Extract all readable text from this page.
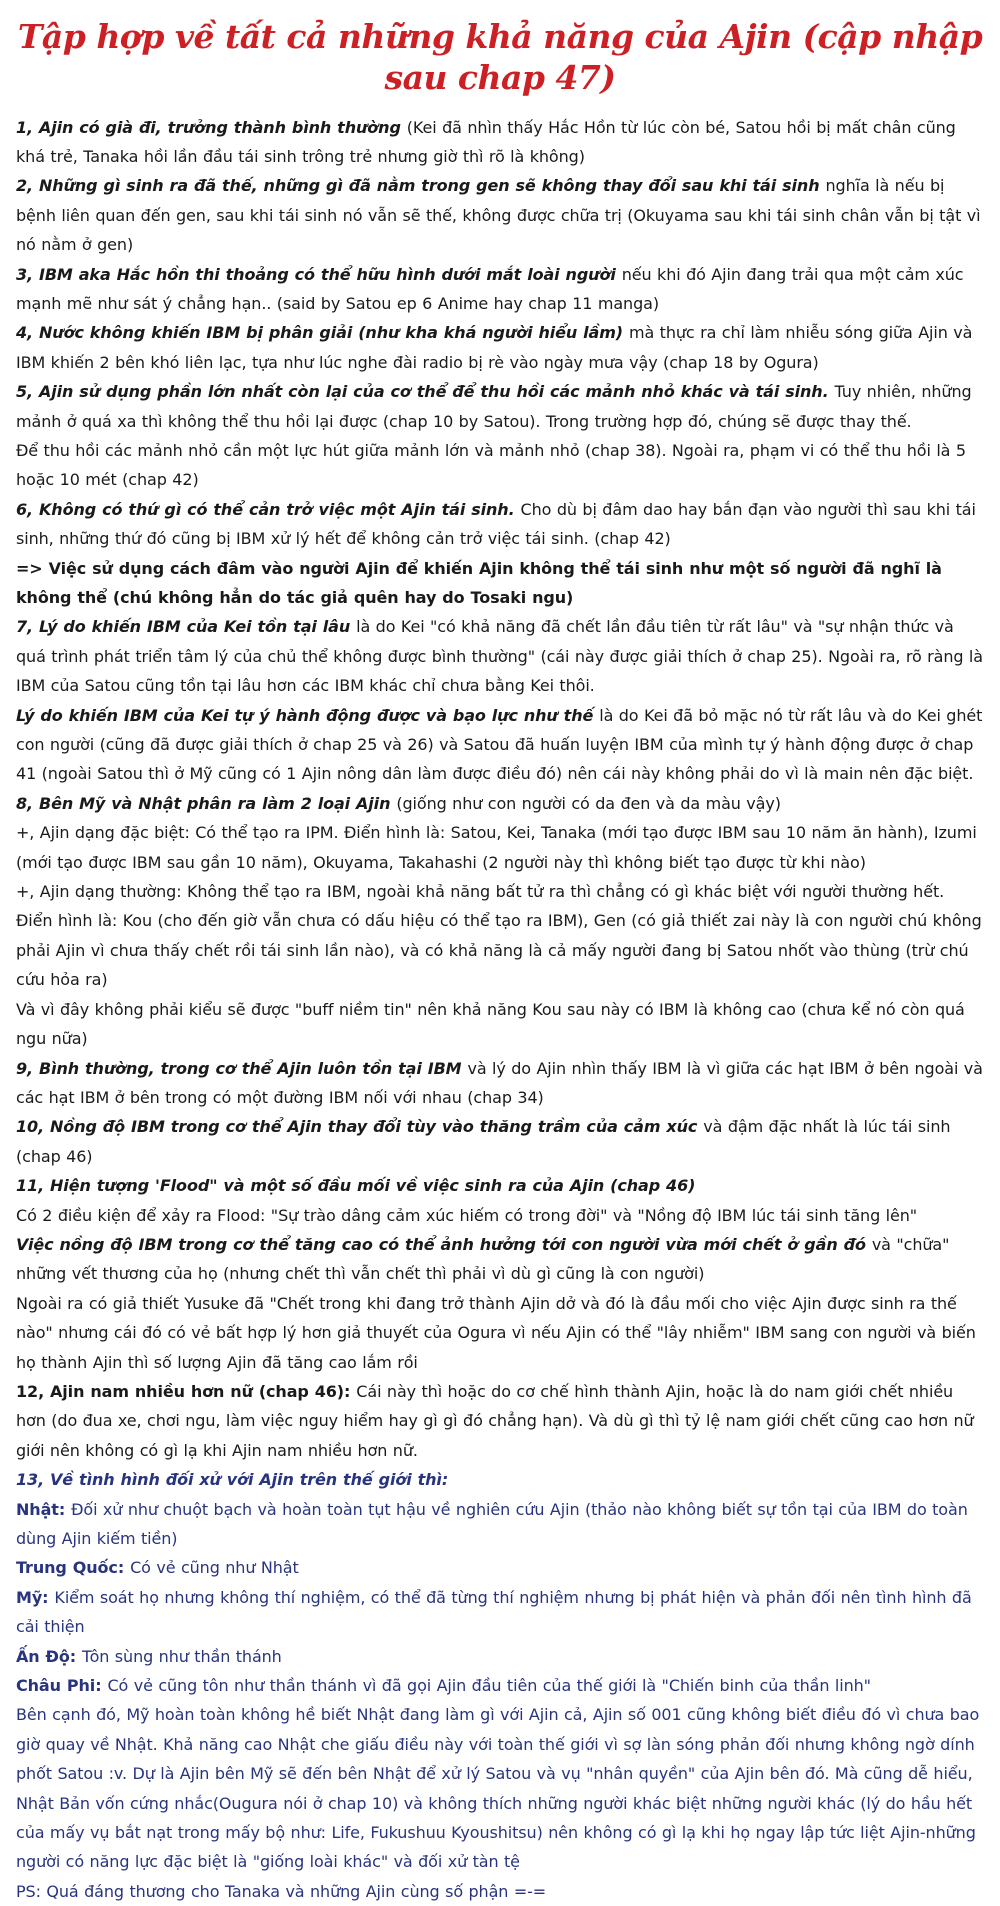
Tập hợp về tất cả những khả năng của Ajin (cập nhập sau chap 47)

1, Ajin có già đi, trưởng thành bình thường (Kei đã nhìn thấy Hắc Hồn từ lúc còn bé, Satou hồi bị mất chân cũng khá trẻ, Tanaka hồi lần đầu tái sinh trông trẻ nhưng giờ thì rõ là không)

2, Những gì sinh ra đã thế, những gì đã nằm trong gen sẽ không thay đổi sau khi tái sinh nghĩa là nếu bị bệnh liên quan đến gen, sau khi tái sinh nó vẫn sẽ thế, không được chữa trị (Okuyama sau khi tái sinh chân vẫn bị tật vì nó nằm ở gen)

3, IBM aka Hắc hồn thi thoảng có thể hữu hình dưới mắt loài người nếu khi đó Ajin đang trải qua một cảm xúc mạnh mẽ như sát ý chẳng hạn.. (said by Satou ep 6 Anime hay chap 11 manga)

4, Nước không khiến IBM bị phân giải (như kha khá người hiểu lầm) mà thực ra chỉ làm nhiễu sóng giữa Ajin và IBM khiến 2 bên khó liên lạc, tựa như lúc nghe đài radio bị rè vào ngày mưa vậy (chap 18 by Ogura)

5, Ajin sử dụng phần lớn nhất còn lại của cơ thể để thu hồi các mảnh nhỏ khác và tái sinh. Tuy nhiên, những mảnh ở quá xa thì không thể thu hồi lại được (chap 10 by Satou). Trong trường hợp đó, chúng sẽ được thay thế.

Để thu hồi các mảnh nhỏ cần một lực hút giữa mảnh lớn và mảnh nhỏ (chap 38). Ngoài ra, phạm vi có thể thu hồi là 5 hoặc 10 mét (chap 42)

6, Không có thứ gì có thể cản trở việc một Ajin tái sinh. Cho dù bị đâm dao hay bắn đạn vào người thì sau khi tái sinh, những thứ đó cũng bị IBM xử lý hết để không cản trở việc tái sinh. (chap 42)

=> Việc sử dụng cách đâm vào người Ajin để khiến Ajin không thể tái sinh như một số người đã nghĩ là không thể (chú không hẳn do tác giả quên hay do Tosaki ngu)

7, Lý do khiến IBM của Kei tồn tại lâu là do Kei "có khả năng đã chết lần đầu tiên từ rất lâu" và "sự nhận thức và quá trình phát triển tâm lý của chủ thể không được bình thường" (cái này được giải thích ở chap 25). Ngoài ra, rõ ràng là IBM của Satou cũng tồn tại lâu hơn các IBM khác chỉ chưa bằng Kei thôi.

Lý do khiến IBM của Kei tự ý hành động được và bạo lực như thế là do Kei đã bỏ mặc nó từ rất lâu và do Kei ghét con người (cũng đã được giải thích ở chap 25 và 26) và Satou đã huấn luyện IBM của mình tự ý hành động được ở chap 41 (ngoài Satou thì ở Mỹ cũng có 1 Ajin nông dân làm được điều đó) nên cái này không phải do vì là main nên đặc biệt.

8, Bên Mỹ và Nhật phân ra làm 2 loại Ajin (giống như con người có da đen và da màu vậy)

+, Ajin dạng đặc biệt: Có thể tạo ra IPM. Điển hình là: Satou, Kei, Tanaka (mới tạo được IBM sau 10 năm ăn hành), Izumi (mới tạo được IBM sau gần 10 năm), Okuyama, Takahashi (2 người này thì không biết tạo được từ khi nào)

+, Ajin dạng thường: Không thể tạo ra IBM, ngoài khả năng bất tử ra thì chẳng có gì khác biệt với người thường hết. Điển hình là: Kou (cho đến giờ vẫn chưa có dấu hiệu có thể tạo ra IBM), Gen (có giả thiết zai này là con người chú không phải Ajin vì chưa thấy chết rồi tái sinh lần nào), và có khả năng là cả mấy người đang bị Satou nhốt vào thùng (trừ chú cứu hỏa ra)

Và vì đây không phải kiểu sẽ được "buff niềm tin" nên khả năng Kou sau này có IBM là không cao (chưa kể nó còn quá ngu nữa)

9, Bình thường, trong cơ thể Ajin luôn tồn tại IBM và lý do Ajin nhìn thấy IBM là vì giữa các hạt IBM ở bên ngoài và các hạt IBM ở bên trong có một đường IBM nối với nhau (chap 34)

10, Nồng độ IBM trong cơ thể Ajin thay đổi tùy vào thăng trầm của cảm xúc và đậm đặc nhất là lúc tái sinh (chap 46)

11, Hiện tượng 'Flood" và một số đầu mối về việc sinh ra của Ajin (chap 46)

Có 2 điều kiện để xảy ra Flood: "Sự trào dâng cảm xúc hiếm có trong đời" và "Nồng độ IBM lúc tái sinh tăng lên"

Việc nồng độ IBM trong cơ thể tăng cao có thể ảnh hưởng tới con người vừa mới chết ở gần đó và "chữa" những vết thương của họ (nhưng chết thì vẫn chết thì phải vì dù gì cũng là con người)

Ngoài ra có giả thiết Yusuke đã "Chết trong khi đang trở thành Ajin dở và đó là đầu mối cho việc Ajin được sinh ra thế nào" nhưng cái đó có vẻ bất hợp lý hơn giả thuyết của Ogura vì nếu Ajin có thể "lây nhiễm" IBM sang con người và biến họ thành Ajin thì số lượng Ajin đã tăng cao lắm rồi

12, Ajin nam nhiều hơn nữ (chap 46): Cái này thì hoặc do cơ chế hình thành Ajin, hoặc là do nam giới chết nhiều hơn (do đua xe, chơi ngu, làm việc nguy hiểm hay gì gì đó chẳng hạn). Và dù gì thì tỷ lệ nam giới chết cũng cao hơn nữ giới nên không có gì lạ khi Ajin nam nhiều hơn nữ.

13, Về tình hình đối xử với Ajin trên thế giới thì:

Nhật: Đối xử như chuột bạch và hoàn toàn tụt hậu về nghiên cứu Ajin (thảo nào không biết sự tồn tại của IBM do toàn dùng Ajin kiếm tiền)

Trung Quốc: Có vẻ cũng như Nhật

Mỹ: Kiểm soát họ nhưng không thí nghiệm, có thể đã từng thí nghiệm nhưng bị phát hiện và phản đối nên tình hình đã cải thiện

Ấn Độ: Tôn sùng như thần thánh

Châu Phi: Có vẻ cũng tôn như thần thánh vì đã gọi Ajin đầu tiên của thế giới là "Chiến binh của thần linh"

Bên cạnh đó, Mỹ hoàn toàn không hề biết Nhật đang làm gì với Ajin cả, Ajin số 001 cũng không biết điều đó vì chưa bao giờ quay về Nhật. Khả năng cao Nhật che giấu điều này với toàn thế giới vì sợ làn sóng phản đối nhưng không ngờ dính phốt Satou :v. Dự là Ajin bên Mỹ sẽ đến bên Nhật để xử lý Satou và vụ "nhân quyền" của Ajin bên đó. Mà cũng dễ hiểu, Nhật Bản vốn cứng nhắc(Ougura nói ở chap 10) và không thích những người khác biệt những người khác (lý do hầu hết của mấy vụ bắt nạt trong mấy bộ như: Life, Fukushuu Kyoushitsu) nên không có gì lạ khi họ ngay lập tức liệt Ajin-những người có năng lực đặc biệt là "giống loài khác" và đối xử tàn tệ

PS: Quá đáng thương cho Tanaka và những Ajin cùng số phận =-=
